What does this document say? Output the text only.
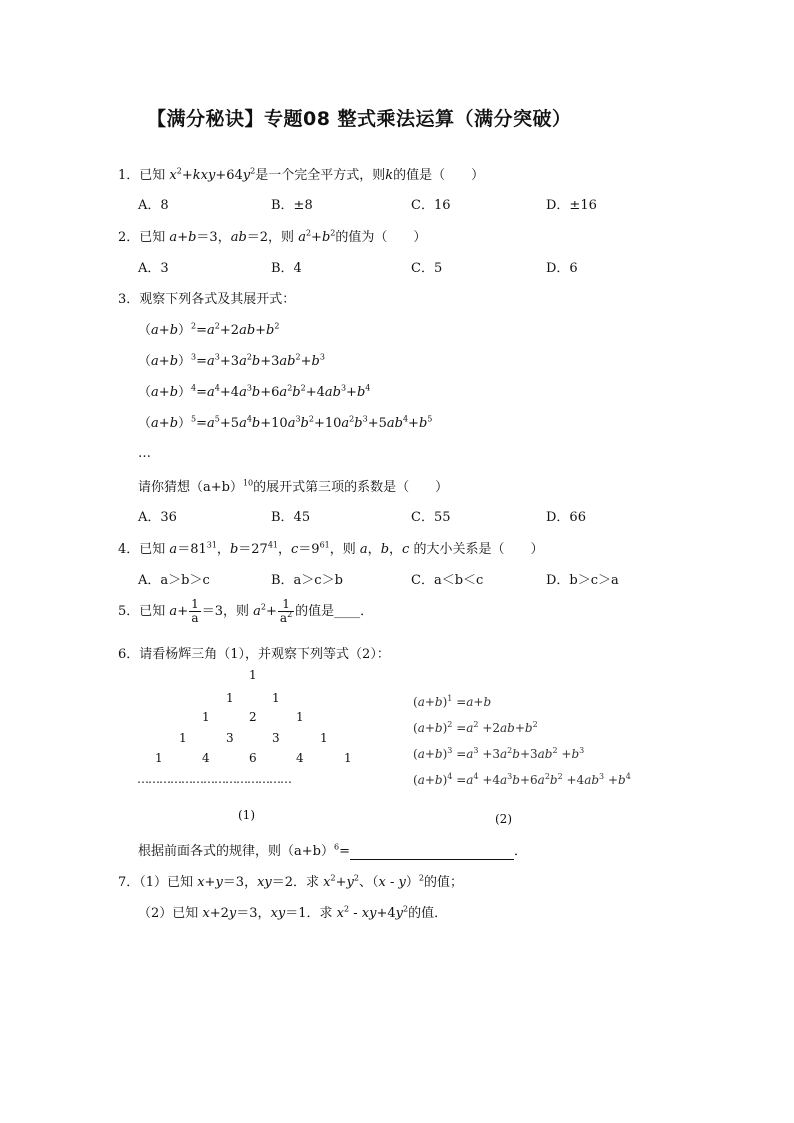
【满分秘诀】专题08 整式乘法运算（满分突破）
1．已知 $x^2+kxy+64y^2$是一个完全平方式，则k的值是（　　）
A．8	B．±8	C．16	D．±16
2．已知 a+b＝3，ab＝2，则 $a^2+b^2$的值为（　　）
A．3	B．4	C．5	D．6
3．观察下列各式及其展开式：
$(a+b)^2=a^2+2ab+b^2$
$(a+b)^3=a^3+3a^2b+3ab^2+b^3$
$(a+b)^4=a^4+4a^3b+6a^2b^2+4ab^3+b^4$
$(a+b)^5=a^5+5a^4b+10a^3b^2+10a^2b^3+5ab^4+b^5$
…
请你猜想$(a+b)^{10}$的展开式第三项的系数是（　　）
A．36	B．45	C．55	D．66
4．已知 $a=81^{31}$，$b=27^{41}$，$c=9^{61}$，则 a，b，c 的大小关系是（　　）
A．a＞b＞c	B．a＞c＞b	C．a＜b＜c	D．b＞c＞a
5．已知 $a+ \frac{1}{a} =3$，则 $a^2+ \frac{1}{a^2}$ 的值是____．
6．请看杨辉三角（1），并观察下列等式（2）：
1
1	1
1	2	1
1	3	3	1
1	4	6	4	1
……………………………………
(1)
$(a+b)^1 =a+b$
$(a+b)^2 =a^2 +2ab+b^2$
$(a+b)^3 =a^3 +3a^2b+3ab^2 +b^3$
$(a+b)^4 =a^4 +4a^3b+6a^2b^2 +4ab^3 +b^4$
(2)
根据前面各式的规律，则$(a+b)^6=$	．
7．（1）已知 x+y＝3，xy＝2．求 $x^2+y^2$、（x - y）$^2$的值；
（2）已知 x+2y＝3，xy＝1．求 $x^2 - xy+4y^2$的值．
